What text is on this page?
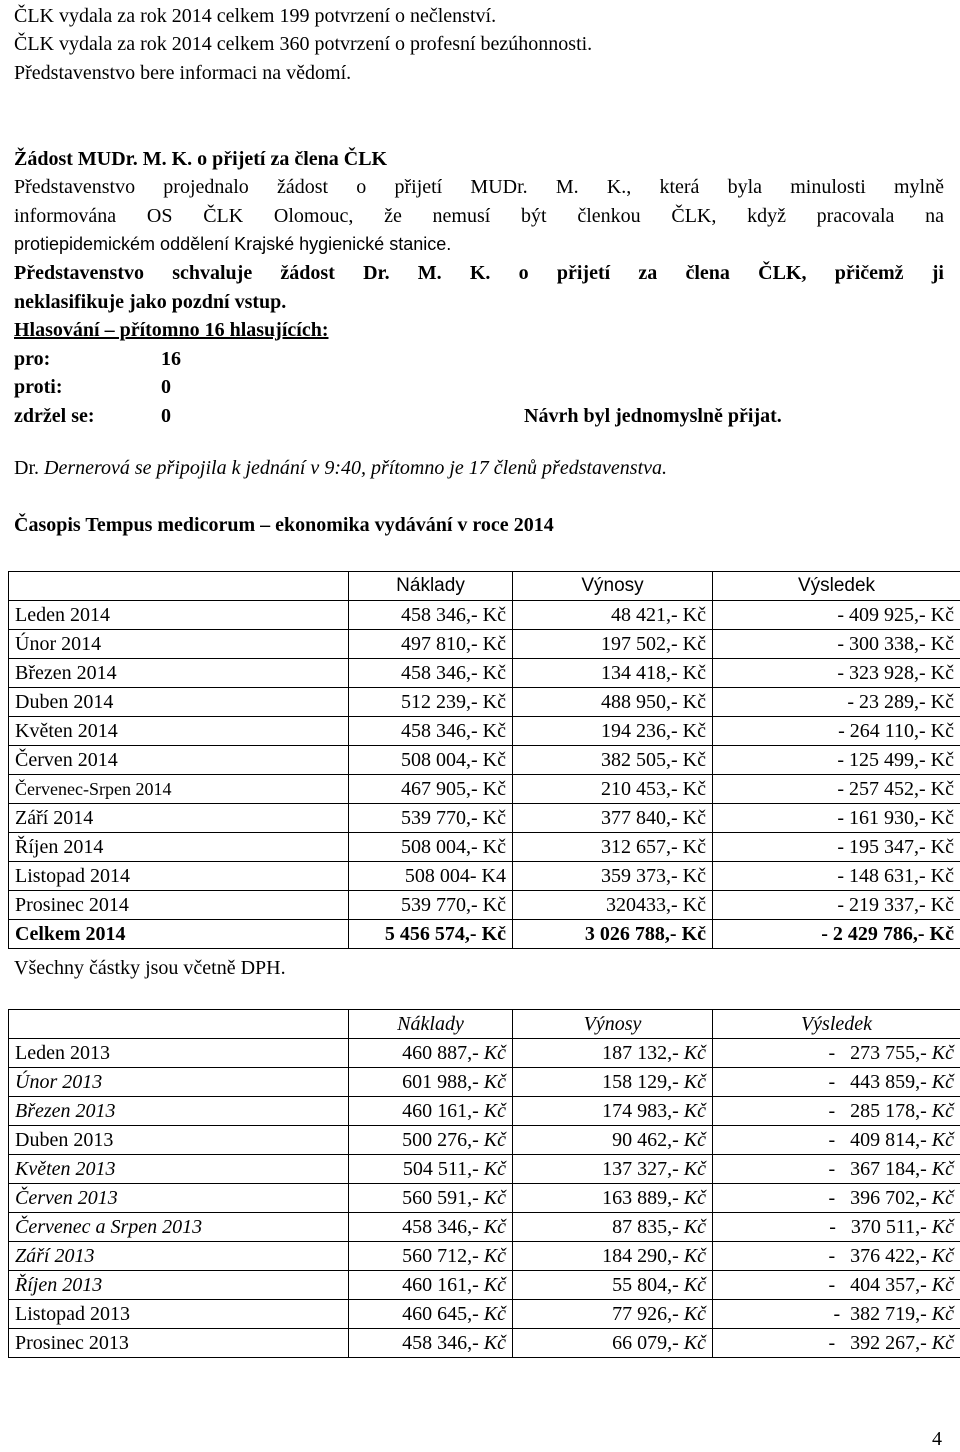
ČLK vydala za rok 2014 celkem 199 potvrzení o nečlenství.
ČLK vydala za rok 2014 celkem 360 potvrzení o profesní bezúhonnosti.
Představenstvo bere informaci na vědomí.
Žádost MUDr. M. K. o přijetí za člena ČLK
Představenstvo projednalo žádost o přijetí MUDr. M. K., která byla minulosti mylně
informována OS ČLK Olomouc, že nemusí být členkou ČLK, když pracovala na
protiepidemickém oddělení Krajské hygienické stanice.
Představenstvo schvaluje žádost Dr. M. K. o přijetí za člena ČLK, přičemž ji
neklasifikuje jako pozdní vstup.
Hlasování – přítomno 16 hlasujících:
pro:	16
proti:	0
zdržel se:	0	Návrh byl jednomyslně přijat.
Dr. Dernerová se připojila k jednání v 9:40, přítomno je 17 členů představenstva.
Časopis Tempus medicorum – ekonomika vydávání v roce 2014
	Náklady	Výnosy	Výsledek
Leden 2014	458 346,- Kč	48 421,- Kč	- 409 925,- Kč
Únor 2014	497 810,- Kč	197 502,- Kč	- 300 338,- Kč
Březen 2014	458 346,- Kč	134 418,- Kč	- 323 928,- Kč
Duben 2014	512 239,- Kč	488 950,- Kč	- 23 289,- Kč
Květen 2014	458 346,- Kč	194 236,- Kč	- 264 110,- Kč
Červen 2014	508 004,- Kč	382 505,- Kč	- 125 499,- Kč
Červenec-Srpen 2014	467 905,- Kč	210 453,- Kč	- 257 452,- Kč
Září 2014	539 770,- Kč	377 840,- Kč	- 161 930,- Kč
Říjen 2014	508 004,- Kč	312 657,- Kč	- 195 347,- Kč
Listopad 2014	508 004- K4	359 373,- Kč	- 148 631,- Kč
Prosinec 2014	539 770,- Kč	320433,- Kč	- 219 337,- Kč
Celkem 2014	5 456 574,- Kč	3 026 788,- Kč	- 2 429 786,- Kč
Všechny částky jsou včetně DPH.
	Náklady	Výnosy	Výsledek
Leden 2013	460 887,- Kč	187 132,- Kč	-   273 755,- Kč
Únor 2013	601 988,- Kč	158 129,- Kč	-   443 859,- Kč
Březen 2013	460 161,- Kč	174 983,- Kč	-   285 178,- Kč
Duben 2013	500 276,- Kč	90 462,- Kč	-   409 814,- Kč
Květen 2013	504 511,- Kč	137 327,- Kč	-   367 184,- Kč
Červen 2013	560 591,- Kč	163 889,- Kč	-   396 702,- Kč
Červenec a Srpen 2013	458 346,- Kč	87 835,- Kč	-   370 511,- Kč
Září 2013	560 712,- Kč	184 290,- Kč	-   376 422,- Kč
Říjen 2013	460 161,- Kč	55 804,- Kč	-   404 357,- Kč
Listopad 2013	460 645,- Kč	77 926,- Kč	-  382 719,- Kč
Prosinec 2013	458 346,- Kč	66 079,- Kč	-   392 267,- Kč
4
